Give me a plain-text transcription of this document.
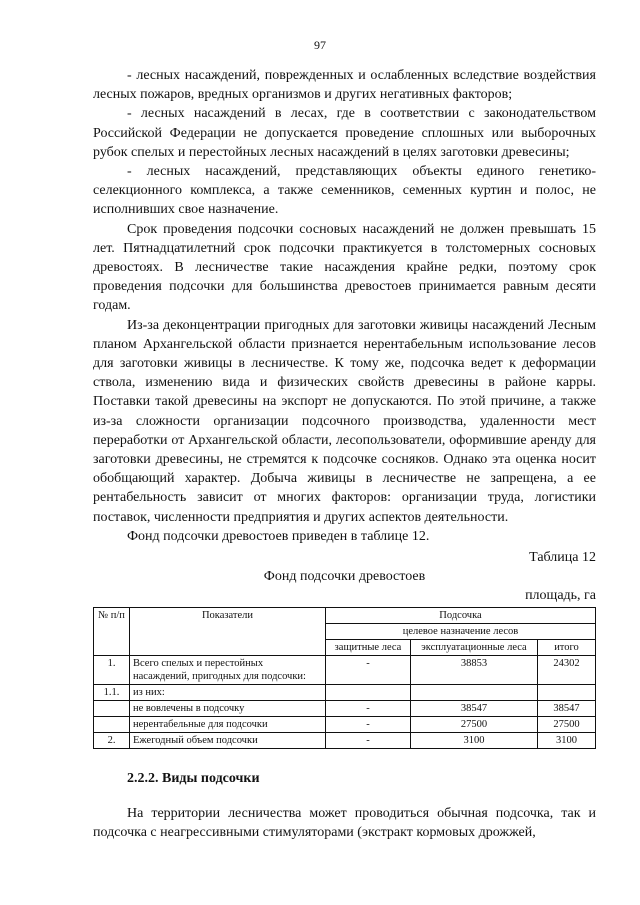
97

- лесных насаждений, поврежденных и ослабленных вследствие воздействия лесных пожаров, вредных организмов и других негативных факторов;

- лесных насаждений в лесах, где в соответствии с законодательством Российской Федерации не допускается проведение сплошных или выборочных рубок спелых и перестойных лесных насаждений в целях заготовки древесины;

- лесных насаждений, представляющих объекты единого генетико-селекционного комплекса, а также семенников, семенных куртин и полос, не исполнивших свое назначение.

Срок проведения подсочки сосновых насаждений не должен превышать 15 лет. Пятнадцатилетний срок подсочки практикуется в толстомерных сосновых древостоях. В лесничестве такие насаждения крайне редки, поэтому срок проведения подсочки для большинства древостоев принимается равным десяти годам.

Из-за деконцентрации пригодных для заготовки живицы насаждений Лесным планом Архангельской области признается нерентабельным использование лесов для заготовки живицы в лесничестве. К тому же, подсочка ведет к деформации ствола, изменению вида и физических свойств древесины в районе карры. Поставки такой древесины на экспорт не допускаются. По этой причине, а также из-за сложности организации подсочного производства, удаленности мест переработки от Архангельской области, лесопользователи, оформившие аренду для заготовки древесины, не стремятся к подсочке сосняков. Однако эта оценка носит обобщающий характер. Добыча живицы в лесничестве не запрещена, а ее рентабельность зависит от многих факторов: организации труда, логистики поставок, численности предприятия и других аспектов деятельности.

Фонд подсочки древостоев приведен в таблице 12.

Таблица 12
Фонд подсочки древостоев
площадь, га
№ п/п	Показатели	Подсочка		
		целевое назначение лесов		
		защитные леса	эксплуатационные леса	итого
1.	Всего спелых и перестойных насаждений, пригодных для подсочки:	-	38853	24302
1.1.	из них:			
	не вовлечены в подсочку	-	38547	38547
	нерентабельные для подсочки	-	27500	27500
2.	Ежегодный объем подсочки	-	3100	3100
2.2.2. Виды подсочки

На территории лесничества может проводиться обычная подсочка, так и подсочка с неагрессивными стимуляторами (экстракт кормовых дрожжей,
